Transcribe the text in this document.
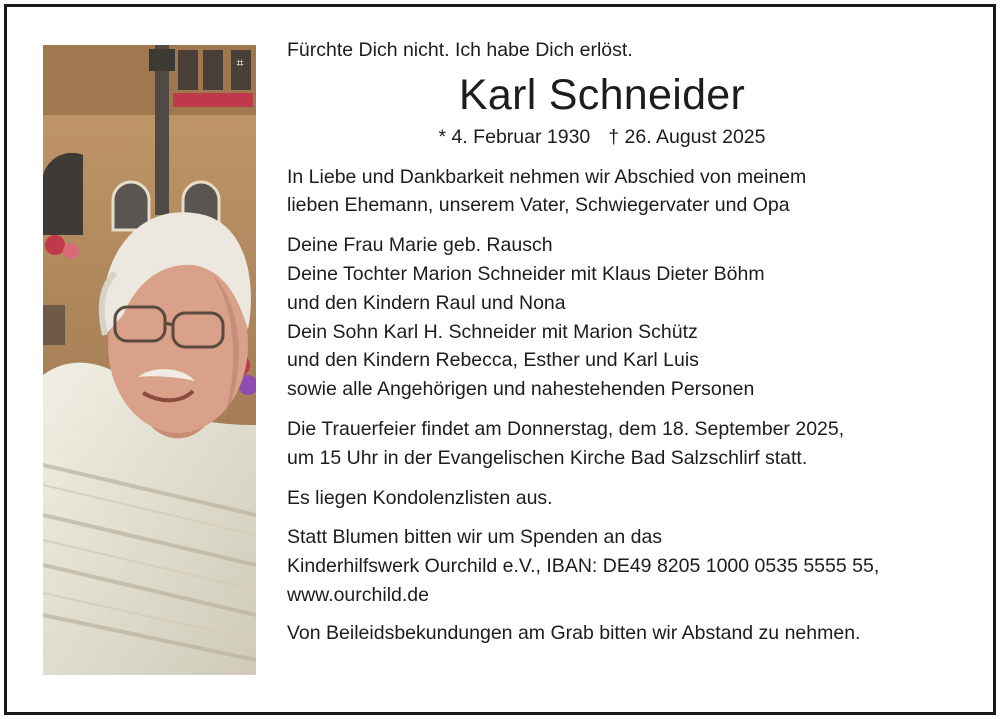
⌗
Fürchte Dich nicht. Ich habe Dich erlöst.
Karl Schneider
* 4. Februar 1930 † 26. August 2025
In Liebe und Dankbarkeit nehmen wir Abschied von meinem
lieben Ehemann, unserem Vater, Schwiegervater und Opa
Deine Frau Marie geb. Rausch
Deine Tochter Marion Schneider mit Klaus Dieter Böhm
und den Kindern Raul und Nona
Dein Sohn Karl H. Schneider mit Marion Schütz
und den Kindern Rebecca, Esther und Karl Luis
sowie alle Angehörigen und nahestehenden Personen
Die Trauerfeier findet am Donnerstag, dem 18. September 2025,
um 15 Uhr in der Evangelischen Kirche Bad Salzschlirf statt.
Es liegen Kondolenzlisten aus.
Statt Blumen bitten wir um Spenden an das
Kinderhilfswerk Ourchild e.V., IBAN: DE49 8205 1000 0535 5555 55,
www.ourchild.de
Von Beileidsbekundungen am Grab bitten wir Abstand zu nehmen.
